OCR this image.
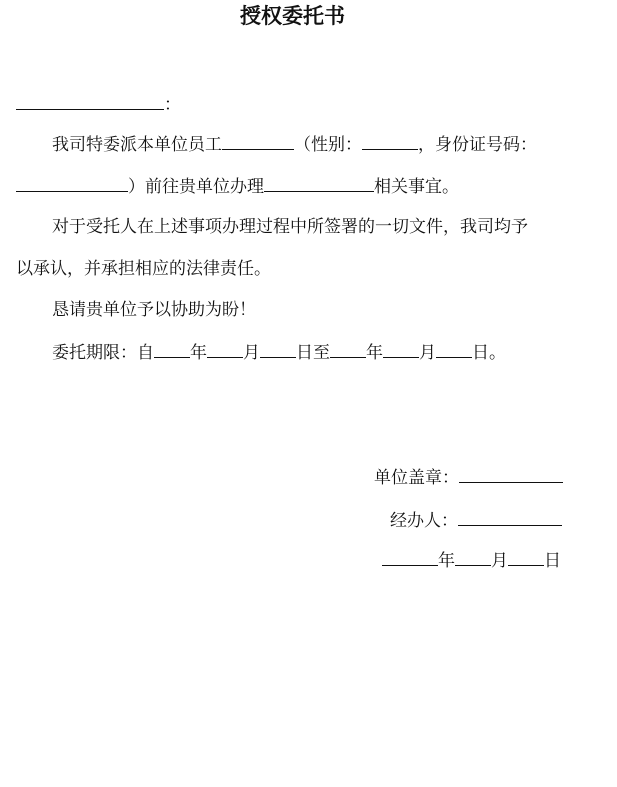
授权委托书
：
我司特委派本单位员工	（性别：	，身份证号码：
）前往贵单位办理	相关事宜。
对于受托人在上述事项办理过程中所签署的一切文件，我司均予
以承认，并承担相应的法律责任。
恳请贵单位予以协助为盼！
委托期限：自 年 月 日至 年 月 日。
单位盖章：
经办人：
年 月 日
